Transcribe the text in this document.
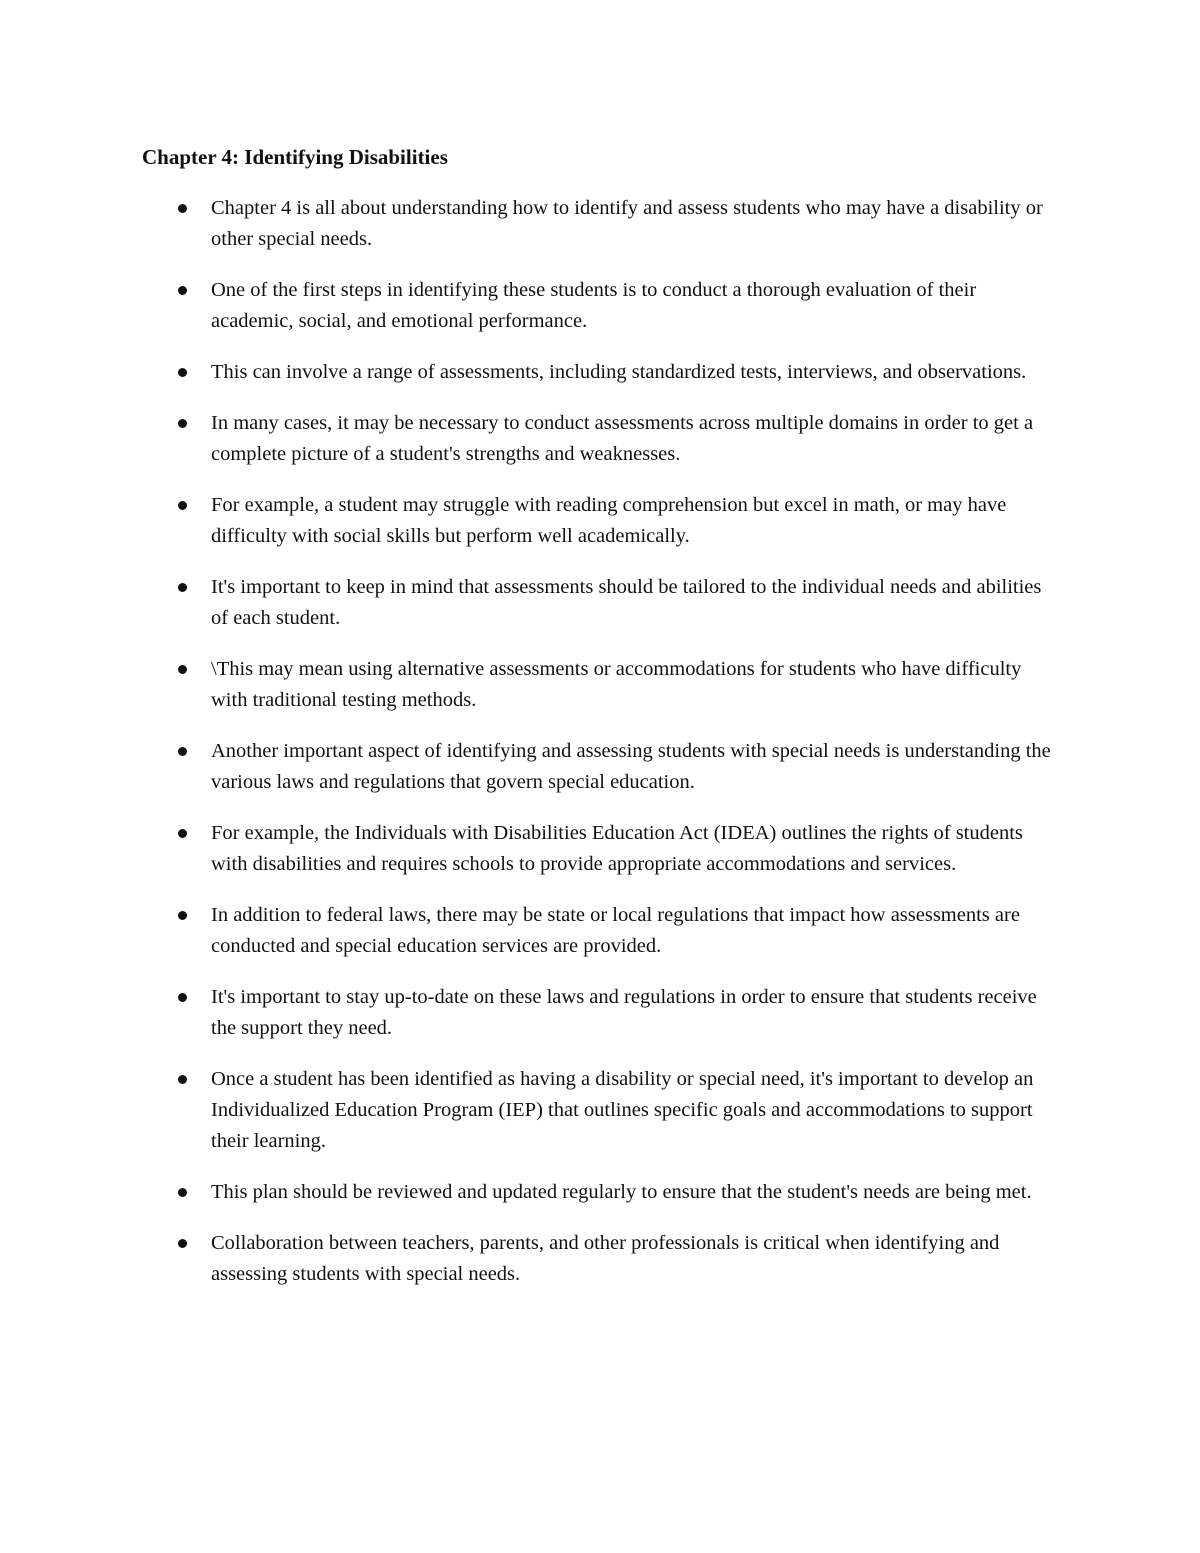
Chapter 4: Identifying Disabilities
Chapter 4 is all about understanding how to identify and assess students who may have a disability or other special needs.
One of the first steps in identifying these students is to conduct a thorough evaluation of their academic, social, and emotional performance.
This can involve a range of assessments, including standardized tests, interviews, and observations.
In many cases, it may be necessary to conduct assessments across multiple domains in order to get a complete picture of a student's strengths and weaknesses.
For example, a student may struggle with reading comprehension but excel in math, or may have difficulty with social skills but perform well academically.
It's important to keep in mind that assessments should be tailored to the individual needs and abilities of each student.
\This may mean using alternative assessments or accommodations for students who have difficulty with traditional testing methods.
Another important aspect of identifying and assessing students with special needs is understanding the various laws and regulations that govern special education.
For example, the Individuals with Disabilities Education Act (IDEA) outlines the rights of students with disabilities and requires schools to provide appropriate accommodations and services.
In addition to federal laws, there may be state or local regulations that impact how assessments are conducted and special education services are provided.
It's important to stay up-to-date on these laws and regulations in order to ensure that students receive the support they need.
Once a student has been identified as having a disability or special need, it's important to develop an Individualized Education Program (IEP) that outlines specific goals and accommodations to support their learning.
This plan should be reviewed and updated regularly to ensure that the student's needs are being met.
Collaboration between teachers, parents, and other professionals is critical when identifying and assessing students with special needs.
